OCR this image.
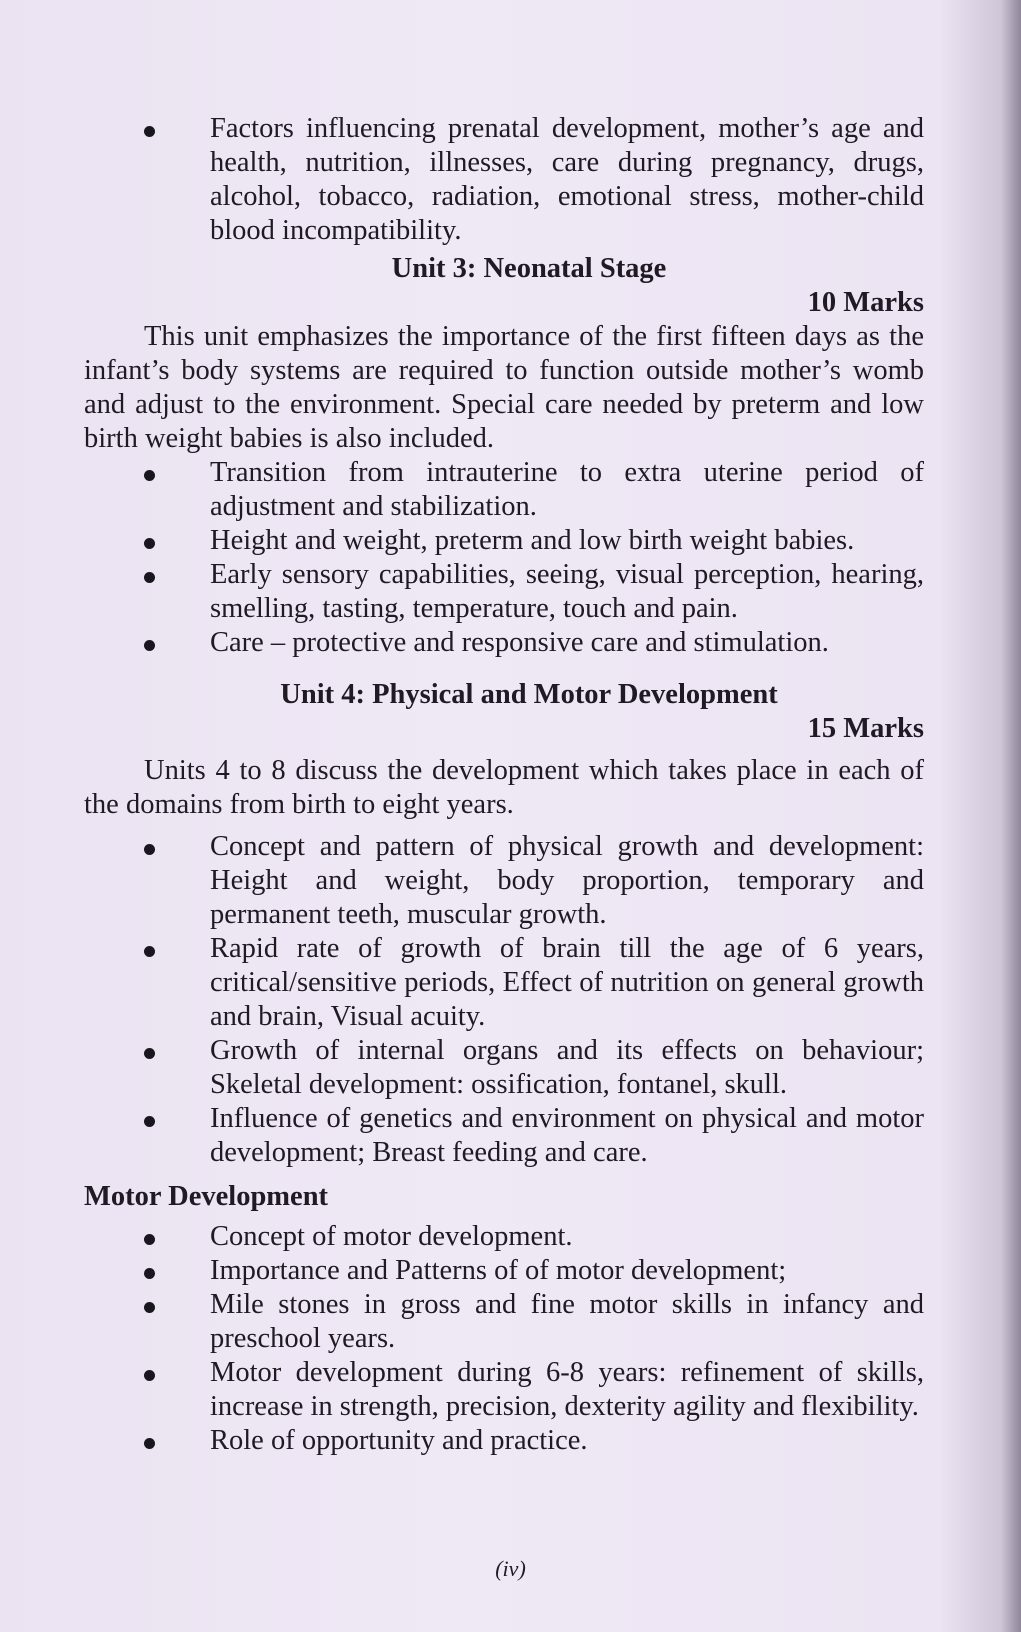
Factors influencing prenatal development, mother’s age and health, nutrition, illnesses, care during pregnancy, drugs, alcohol, tobacco, radiation, emotional stress, mother-child blood incompatibility.
Unit 3: Neonatal Stage
10 Marks
This unit emphasizes the importance of the first fifteen days as the infant’s body systems are required to function outside mother’s womb and adjust to the environment. Special care needed by preterm and low birth weight babies is also included.
Transition from intrauterine to extra uterine period of adjustment and stabilization.
Height and weight, preterm and low birth weight babies.
Early sensory capabilities, seeing, visual perception, hearing, smelling, tasting, temperature, touch and pain.
Care – protective and responsive care and stimulation.
Unit 4: Physical and Motor Development
15 Marks
Units 4 to 8 discuss the development which takes place in each of the domains from birth to eight years.
Concept and pattern of physical growth and development: Height and weight, body proportion, temporary and permanent teeth, muscular growth.
Rapid rate of growth of brain till the age of 6 years, critical/sensitive periods, Effect of nutrition on general growth and brain, Visual acuity.
Growth of internal organs and its effects on behaviour; Skeletal development: ossification, fontanel, skull.
Influence of genetics and environment on physical and motor development; Breast feeding and care.
Motor Development
Concept of motor development.
Importance and Patterns of of motor development;
Mile stones in gross and fine motor skills in infancy and preschool years.
Motor development during 6-8 years: refinement of skills, increase in strength, precision, dexterity agility and flexibility.
Role of opportunity and practice.
(iv)
